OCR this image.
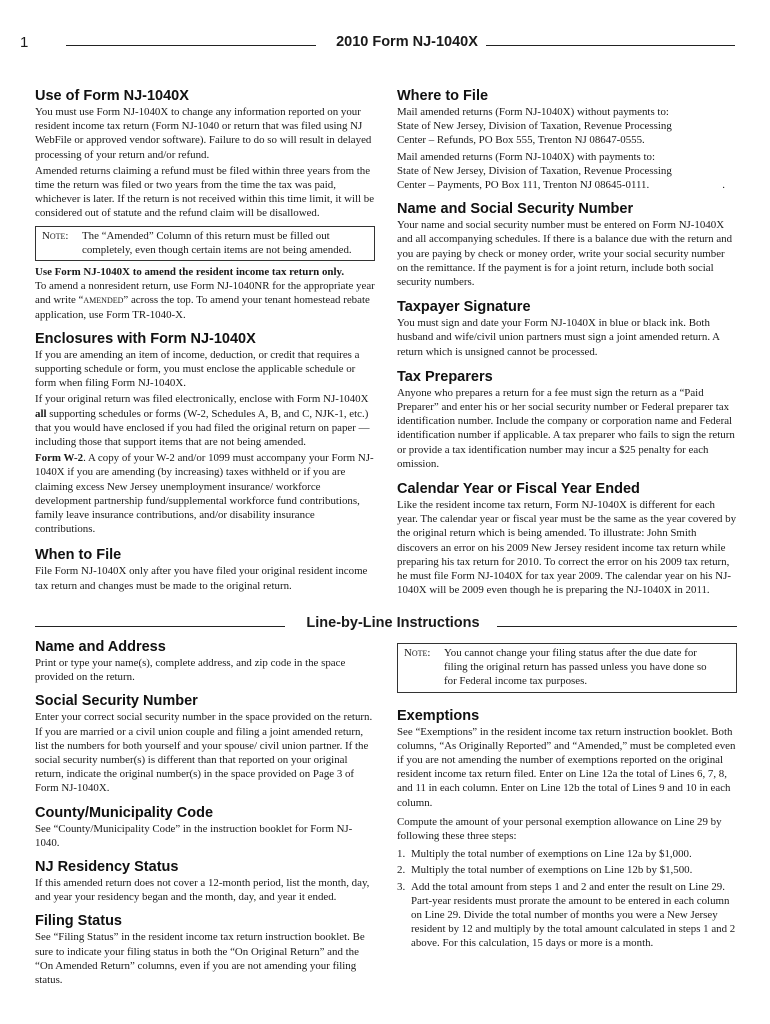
1	2010 Form NJ-1040X
Use of Form NJ-1040X

You must use Form NJ-1040X to change any information reported on your resident income tax return (Form NJ-1040 or return that was filed using NJ WebFile or approved vendor software). Failure to do so will result in delayed processing of your return and/or refund.

Amended returns claiming a refund must be filed within three years from the time the return was filed or two years from the time the tax was paid, whichever is later. If the return is not received within this time limit, it will be considered out of statute and the refund claim will be disallowed.

Note:	The “Amended” Column of this return must be filled out

completely, even though certain items are not being amended.

Use Form NJ-1040X to amend the resident income tax return only.

To amend a nonresident return, use Form NJ-1040NR for the appropriate year and write “amended” across the top. To amend your tenant homestead rebate application, use Form TR-1040-X.

Enclosures with Form NJ-1040X

If you are amending an item of income, deduction, or credit that requires a supporting schedule or form, you must enclose the applicable schedule or form when filing Form NJ-1040X.

If your original return was filed electronically, enclose with Form NJ-1040X all supporting schedules or forms (W-2, Schedules A, B, and C, NJK-1, etc.) that you would have enclosed if you had filed the original return on paper — including those that support items that are not being amended.

Form W-2. A copy of your W-2 and/or 1099 must accompany your Form NJ-1040X if you are amending (by increasing) taxes withheld or if you are claiming excess New Jersey unemployment insurance/ workforce development partnership fund/supplemental workforce fund contributions, family leave insurance contributions, and/or disability insurance contributions.

When to File

File Form NJ-1040X only after you have filed your original resident income tax return and changes must be made to the original return.

Where to File

Mail amended returns (Form NJ-1040X) without payments to:

State of New Jersey, Division of Taxation, Revenue Processing

Center – Refunds, PO Box 555, Trenton NJ 08647-0555.

Mail amended returns (Form NJ-1040X) with payments to:

State of New Jersey, Division of Taxation, Revenue Processing

Center – Payments, PO Box 111, Trenton NJ 08645-0111.	.

Name and Social Security Number

Your name and social security number must be entered on Form NJ-1040X and all accompanying schedules. If there is a balance due with the return and you are paying by check or money order, write your social security number on the remittance. If the payment is for a joint return, include both social security numbers.

Taxpayer Signature

You must sign and date your Form NJ-1040X in blue or black ink. Both husband and wife/civil union partners must sign a joint amended return. A return which is unsigned cannot be processed.

Tax Preparers

Anyone who prepares a return for a fee must sign the return as a “Paid Preparer” and enter his or her social security number or Federal preparer tax identification number. Include the company or corporation name and Federal identification number if applicable. A tax preparer who fails to sign the return or provide a tax identification number may incur a $25 penalty for each omission.

Calendar Year or Fiscal Year Ended

Like the resident income tax return, Form NJ-1040X is different for each year. The calendar year or fiscal year must be the same as the year covered by the original return which is being amended. To illustrate: John Smith discovers an error on his 2009 New Jersey resident income tax return while preparing his tax return for 2010. To correct the error on his 2009 tax return, he must file Form NJ-1040X for tax year 2009. The calendar year on his NJ-1040X will be 2009 even though he is preparing the NJ-1040X in 2011.

Line-by-Line Instructions
Name and Address

Print or type your name(s), complete address, and zip code in the space provided on the return.

Social Security Number

Enter your correct social security number in the space provided on the return. If you are married or a civil union couple and filing a joint amended return, list the numbers for both yourself and your spouse/ civil union partner. If the social security number(s) is different than that reported on your original return, indicate the original number(s) in the space provided on Page 3 of Form NJ-1040X.

County/Municipality Code

See “County/Municipality Code” in the instruction booklet for Form NJ-1040.

NJ Residency Status

If this amended return does not cover a 12-month period, list the month, day, and year your residency began and the month, day, and year it ended.

Filing Status

See “Filing Status” in the resident income tax return instruction booklet. Be sure to indicate your filing status in both the “On Original Return” and the “On Amended Return” columns, even if you are not amending your filing status.

Note:	You cannot change your filing status after the due date for

filing the original return has passed unless you have done so

for Federal income tax purposes.

Exemptions

See “Exemptions” in the resident income tax return instruction booklet. Both columns, “As Originally Reported” and “Amended,” must be completed even if you are not amending the number of exemptions reported on the original resident income tax return filed. Enter on Line 12a the total of Lines 6, 7, 8, and 11 in each column. Enter on Line 12b the total of Lines 9 and 10 in each column.

Compute the amount of your personal exemption allowance on Line 29 by following these three steps:

1. Multiply the total number of exemptions on Line 12a by $1,000.
2. Multiply the total number of exemptions on Line 12b by $1,500.
3. Add the total amount from steps 1 and 2 and enter the result on Line 29. Part-year residents must prorate the amount to be entered in each column on Line 29. Divide the total number of months you were a New Jersey resident by 12 and multiply by the total amount calculated in steps 1 and 2 above. For this calculation, 15 days or more is a month.
